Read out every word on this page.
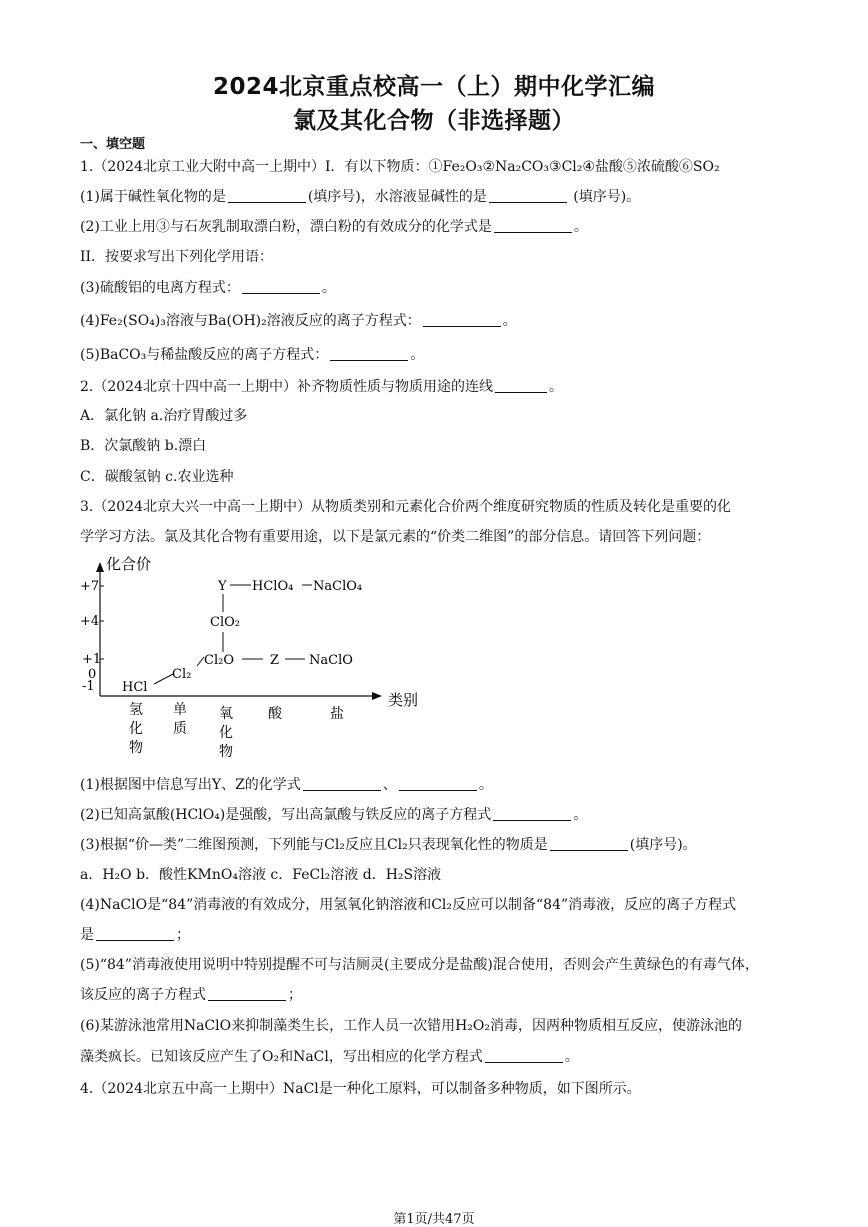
2024北京重点校高一（上）期中化学汇编
氯及其化合物（非选择题）
一、填空题
1.（2024北京工业大附中高一上期中）I．有以下物质：①Fe₂O₃②Na₂CO₃③Cl₂④盐酸⑤浓硫酸⑥SO₂
(1)属于碱性氧化物的是	(填序号)，水溶液显碱性的是	(填序号)。
(2)工业上用③与石灰乳制取漂白粉，漂白粉的有效成分的化学式是	。
II．按要求写出下列化学用语：
(3)硫酸铝的电离方程式：	。
(4)Fe₂(SO₄)₃溶液与Ba(OH)₂溶液反应的离子方程式：	。
(5)BaCO₃与稀盐酸反应的离子方程式：	。
2.（2024北京十四中高一上期中）补齐物质性质与物质用途的连线	。
A．氯化钠 a.治疗胃酸过多
B．次氯酸钠 b.漂白
C．碳酸氢钠 c.农业选种
3.（2024北京大兴一中高一上期中）从物质类别和元素化合价两个维度研究物质的性质及转化是重要的化
学学习方法。氯及其化合物有重要用途，以下是氯元素的“价类二维图”的部分信息。请回答下列问题：
化合价
类别
+7
+4
+1
0
-1
氢化物
单质
氧化物
酸	盐
Y HClO₄ NaClO₄
ClO₂
Cl₂O	Z NaClO
Cl₂
HCl
(1)根据图中信息写出Y、Z的化学式	、	。
(2)已知高氯酸(HClO₄)是强酸，写出高氯酸与铁反应的离子方程式	。
(3)根据“价—类”二维图预测，下列能与Cl₂反应且Cl₂只表现氧化性的物质是	(填序号)。
a．H₂O b．酸性KMnO₄溶液 c．FeCl₂溶液 d．H₂S溶液
(4)NaClO是“84”消毒液的有效成分，用氢氧化钠溶液和Cl₂反应可以制备“84”消毒液，反应的离子方程式
是	；
(5)“84”消毒液使用说明中特别提醒不可与洁厕灵(主要成分是盐酸)混合使用，否则会产生黄绿色的有毒气体，
该反应的离子方程式	；
(6)某游泳池常用NaClO来抑制藻类生长，工作人员一次错用H₂O₂消毒，因两种物质相互反应，使游泳池的
藻类疯长。已知该反应产生了O₂和NaCl，写出相应的化学方程式	。
4.（2024北京五中高一上期中）NaCl是一种化工原料，可以制备多种物质，如下图所示。
第1页/共47页
